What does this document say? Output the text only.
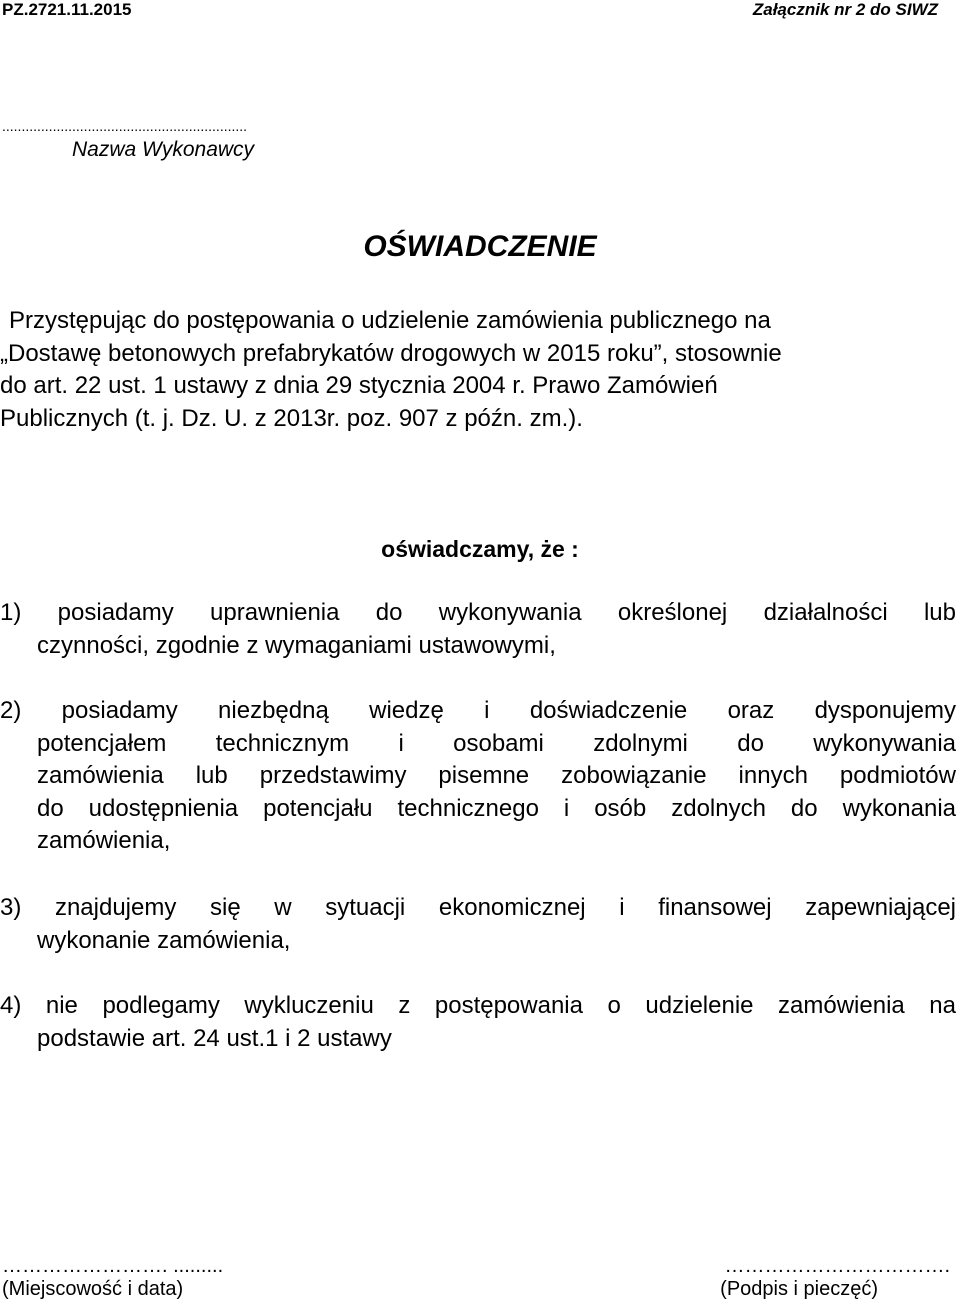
PZ.2721.11.2015	Załącznik nr 2 do SIWZ
...............................................................
Nazwa Wykonawcy
OŚWIADCZENIE
Przystępując do postępowania o udzielenie zamówienia publicznego na
„Dostawę betonowych prefabrykatów drogowych w 2015 roku”, stosownie
do art. 22 ust. 1 ustawy z dnia 29 stycznia 2004 r. Prawo Zamówień
Publicznych (t. j. Dz. U. z 2013r. poz. 907 z późn. zm.).
oświadczamy, że :
1) posiadamy uprawnienia do wykonywania określonej działalności lub
czynności, zgodnie z wymaganiami ustawowymi,
2) posiadamy niezbędną wiedzę i doświadczenie oraz dysponujemy
potencjałem technicznym i osobami zdolnymi do wykonywania
zamówienia lub przedstawimy pisemne zobowiązanie innych podmiotów
do udostępnienia potencjału technicznego i osób zdolnych do wykonania
zamówienia,
3) znajdujemy się w sytuacji ekonomicznej i finansowej zapewniającej
wykonanie zamówienia,
4) nie podlegamy wykluczeniu z postępowania o udzielenie zamówienia na
podstawie art. 24 ust.1 i 2 ustawy
……………………. .........	…………………………….
(Miejscowość i data)	(Podpis i pieczęć)
